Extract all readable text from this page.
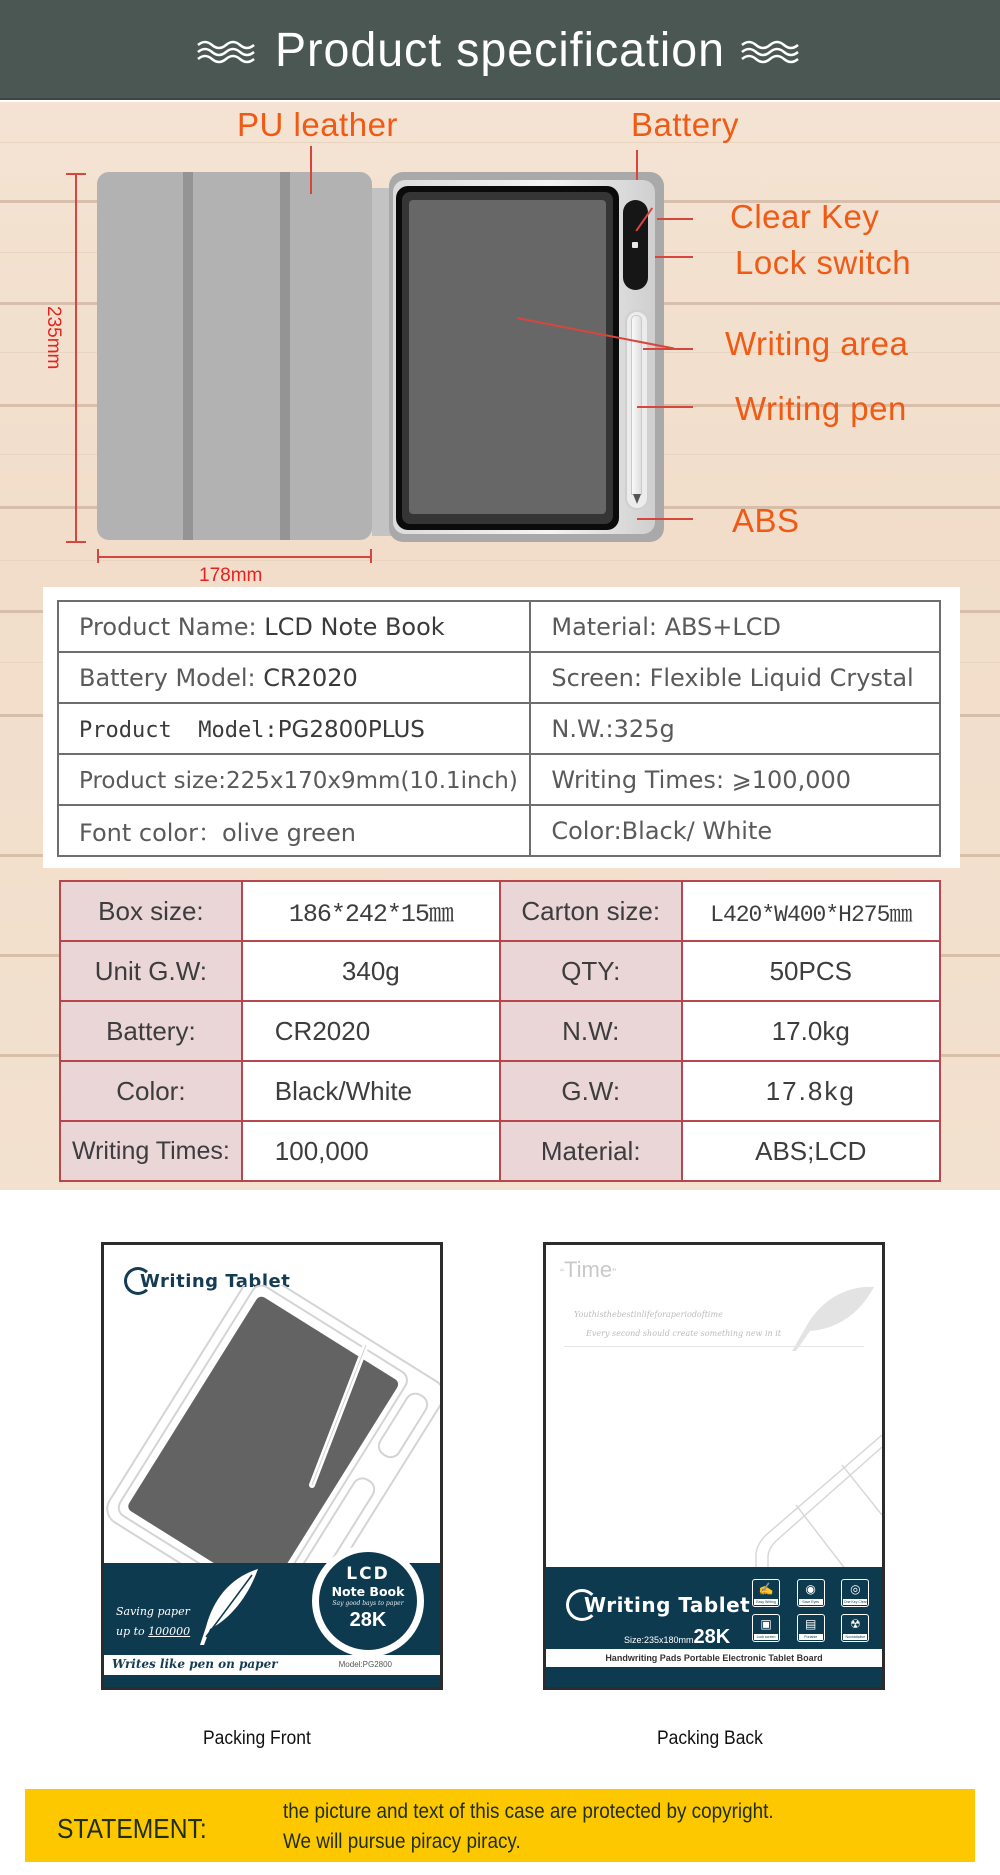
Product specification
PU leather	Battery
Clear Key
Lock switch
Writing area
Writing pen
ABS
235mm
178mm
Product Name: LCD Note Book	Material: ABS+LCD
Battery Model: CR2020	Screen: Flexible Liquid Crystal
Product  Model:PG2800PLUS	N.W.:325g
Product size:225x170x9mm(10.1inch)	Writing Times: ⩾100,000
Font color：olive green	Color:Black/ White
Box size:	186*242*15㎜	Carton size:	L420*W400*H275㎜
Unit G.W:	340g	QTY:	50PCS
Battery:	CR2020	N.W:	17.0kg
Color:	Black/White	G.W:	17.8kg
Writing Times:	100,000	Material:	ABS;LCD
Writing Tablet
Saving paper
up to 100000
LCD
Note Book
Say good bays to paper
28K
Writes like pen on paper	Model:PG2800
Packing Front
“Time”
Youthisthebestinlifeforaperiodoftime
Every second should create something new in it
Writing Tablet
Size:235x180mm28K
✍
Easy Writing
◉
Save Eyes
◎
One Key Clear
▣
Lock screen
▤
Portable
☢
Nonradiative
Handwriting Pads Portable Electronic Tablet Board
Packing Back
STATEMENT:
the picture and text of this case are protected by copyright.
We will pursue piracy piracy.
